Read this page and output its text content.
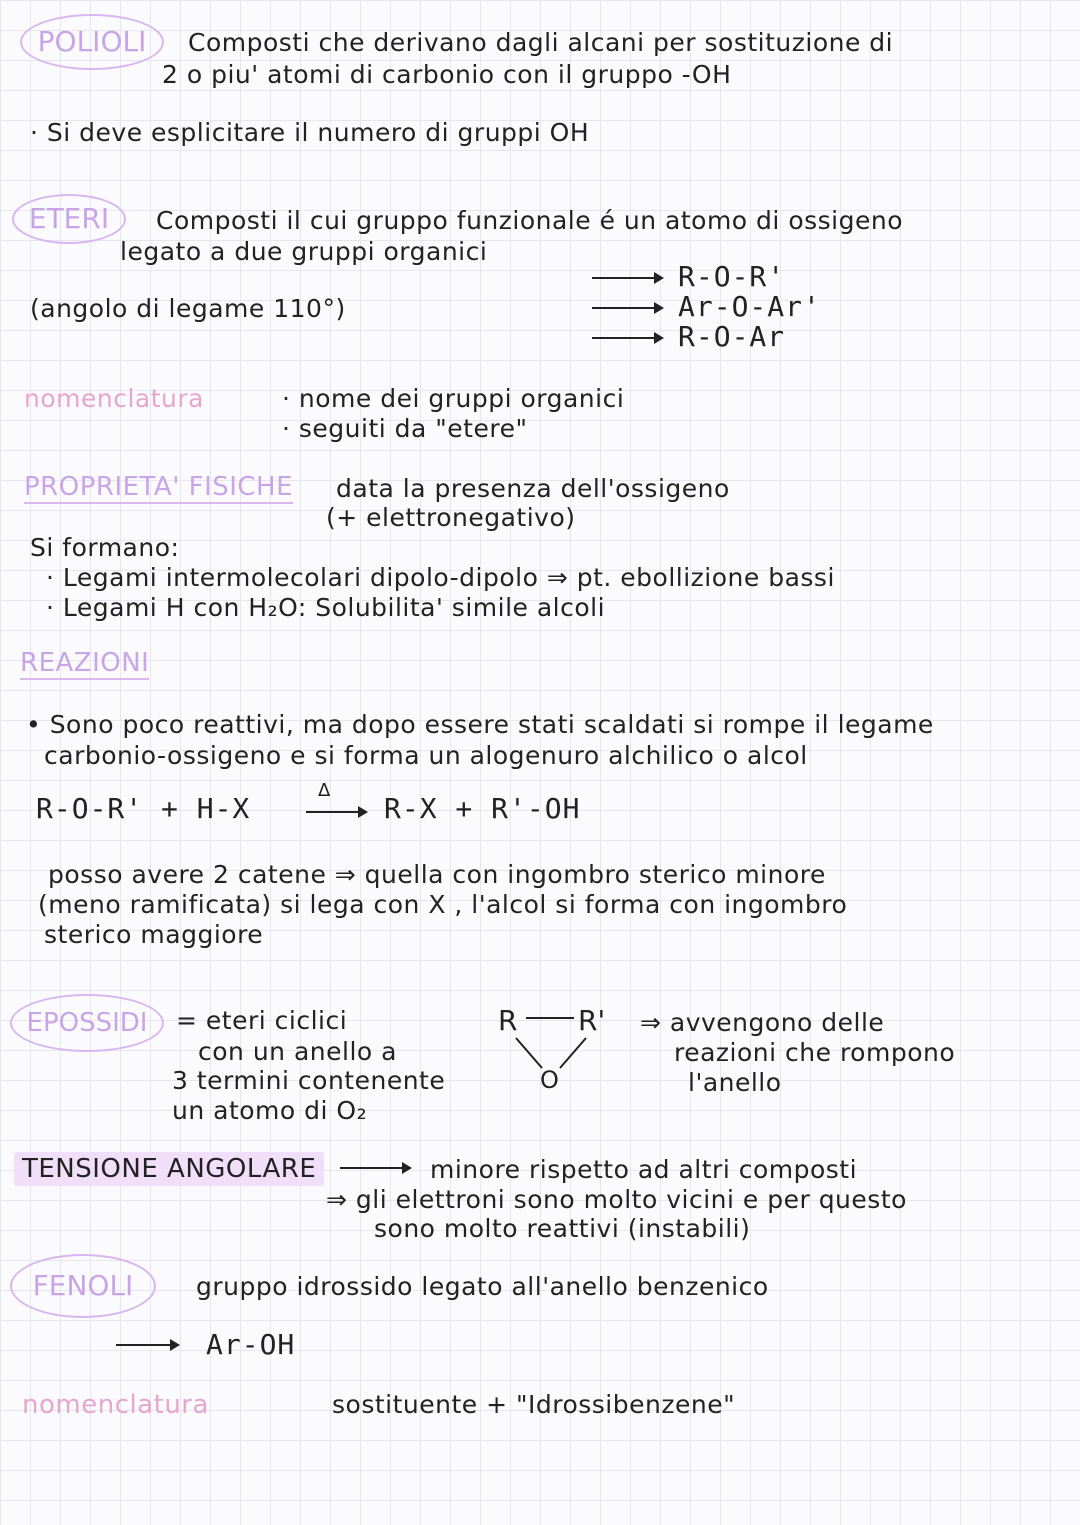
POLIOLI	Composti che derivano dagli alcani per sostituzione di
2 o piu' atomi di carbonio con il gruppo -OH
· Si deve esplicitare il numero di gruppi OH
ETERI	Composti il cui gruppo funzionale é un atomo di ossigeno
legato a due gruppi organici
(angolo di legame 110°)
R-O-R'
Ar-O-Ar'
R-O-Ar
nomenclatura	· nome dei gruppi organici
· seguiti da "etere"
PROPRIETA' FISICHE data la presenza dell'ossigeno
(+ elettronegativo)
Si formano:
· Legami intermolecolari dipolo-dipolo ⇒ pt. ebollizione bassi
· Legami H con H₂O: Solubilita' simile alcoli
REAZIONI
• Sono poco reattivi, ma dopo essere stati scaldati si rompe il legame
carbonio-ossigeno e si forma un alogenuro alchilico o alcol
R-O-R' + H-X
Δ
→ R-X + R'-OH
posso avere 2 catene ⇒ quella con ingombro sterico minore
(meno ramificata) si lega con X , l'alcol si forma con ingombro
sterico maggiore
EPOSSIDI	= eteri ciclici
con un anello a
3 termini contenente
un atomo di O₂
R R'
O
⇒ avvengono delle
reazioni che rompono
l'anello
TENSIONE ANGOLARE	minore rispetto ad altri composti
⇒ gli elettroni sono molto vicini e per questo
sono molto reattivi (instabili)
FENOLI	gruppo idrossido legato all'anello benzenico
Ar-OH
nomenclatura	sostituente + "Idrossibenzene"
